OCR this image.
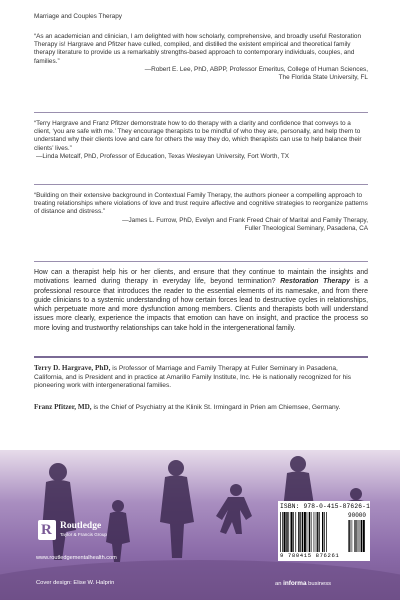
Marriage and Couples Therapy

“As an academician and clinician, I am delighted with how scholarly, comprehensive, and broadly useful Restoration Therapy is! Hargrave and Pfitzer have culled, compiled, and distilled the existent empirical and theoretical family therapy literature to provide us a remarkably strengths-based approach to contemporary individuals, couples, and families.”

—Robert E. Lee, PhD, ABPP, Professor Emeritus, College of Human Sciences,

The Florida State University, FL

“Terry Hargrave and Franz Pfitzer demonstrate how to do therapy with a clarity and confidence that conveys to a client, ‘you are safe with me.’ They encourage therapists to be mindful of who they are, personally, and help them to understand why their clients love and care for others the way they do, which therapists can use to help balance their clients’ lives.”

—Linda Metcalf, PhD, Professor of Education, Texas Wesleyan University, Fort Worth, TX

“Building on their extensive background in Contextual Family Therapy, the authors pioneer a compelling approach to treating relationships where violations of love and trust require affective and cognitive strategies to reorganize patterns of distance and distress.”

—James L. Furrow, PhD, Evelyn and Frank Freed Chair of Marital and Family Therapy,

Fuller Theological Seminary, Pasadena, CA

How can a therapist help his or her clients, and ensure that they continue to maintain the insights and motivations learned during therapy in everyday life, beyond termination? Restoration Therapy is a professional resource that introduces the reader to the essential elements of its namesake, and from there guide clinicians to a systemic understanding of how certain forces lead to destructive cycles in relationships, which perpetuate more and more dysfunction among members. Clients and therapists both will understand issues more clearly, experience the impacts that emotion can have on insight, and practice the process so more loving and trustworthy relationships can take hold in the intergenerational family.
Terry D. Hargrave, PhD, is Professor of Marriage and Family Therapy at Fuller Seminary in Pasadena, California, and is President and in practice at Amarillo Family Institute, Inc. He is nationally recognized for his pioneering work with intergenerational families.
Franz Pfitzer, MD, is the Chief of Psychiatry at the Klinik St. Irmingard in Prien am Chiemsee, Germany.
R Routledge
Taylor & Francis Group
www.routledgementalhealth.com
Cover design: Elise W. Halprin	an informa business
ISBN: 978-0-415-87626-1
90000
9 780415 876261
